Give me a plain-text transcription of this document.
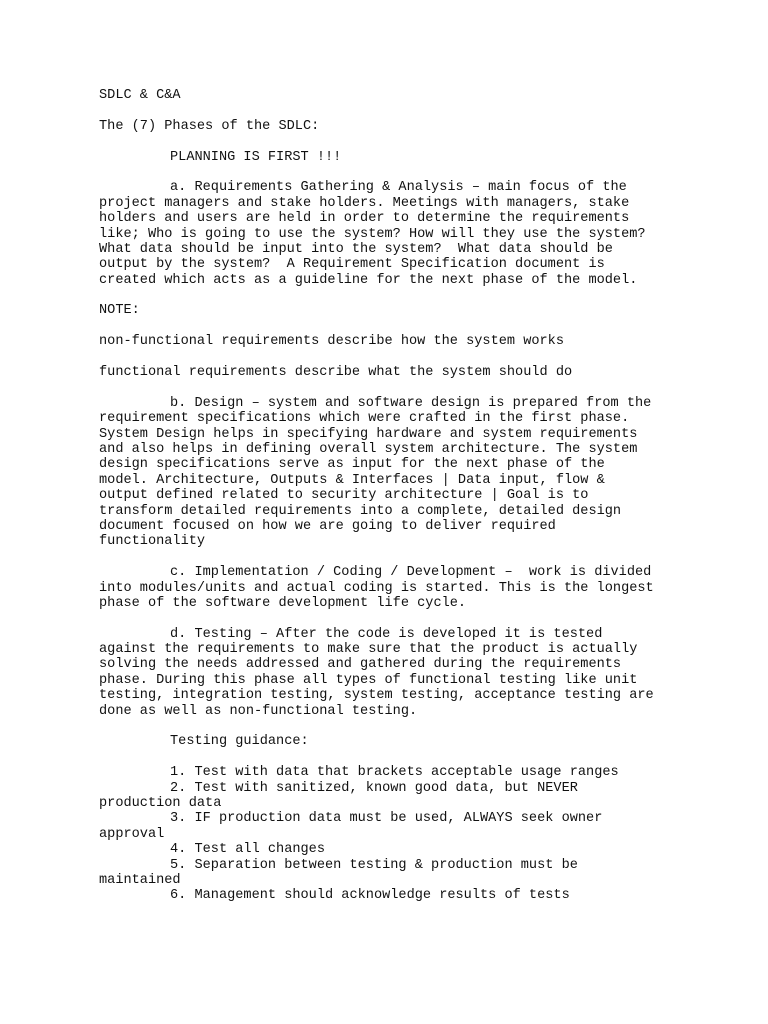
SDLC & C&A
The (7) Phases of the SDLC:
PLANNING IS FIRST !!!
a. Requirements Gathering & Analysis – main focus of the
project managers and stake holders. Meetings with managers, stake
holders and users are held in order to determine the requirements
like; Who is going to use the system? How will they use the system?
What data should be input into the system?  What data should be
output by the system?  A Requirement Specification document is
created which acts as a guideline for the next phase of the model.
NOTE:
non-functional requirements describe how the system works
functional requirements describe what the system should do
b. Design – system and software design is prepared from the
requirement specifications which were crafted in the first phase.
System Design helps in specifying hardware and system requirements
and also helps in defining overall system architecture. The system
design specifications serve as input for the next phase of the
model. Architecture, Outputs & Interfaces | Data input, flow &
output defined related to security architecture | Goal is to
transform detailed requirements into a complete, detailed design
document focused on how we are going to deliver required
functionality
c. Implementation / Coding / Development –  work is divided
into modules/units and actual coding is started. This is the longest
phase of the software development life cycle.
d. Testing – After the code is developed it is tested
against the requirements to make sure that the product is actually
solving the needs addressed and gathered during the requirements
phase. During this phase all types of functional testing like unit
testing, integration testing, system testing, acceptance testing are
done as well as non-functional testing.
Testing guidance:
1. Test with data that brackets acceptable usage ranges
2. Test with sanitized, known good data, but NEVER
production data
3. IF production data must be used, ALWAYS seek owner
approval
4. Test all changes
5. Separation between testing & production must be
maintained
6. Management should acknowledge results of tests
